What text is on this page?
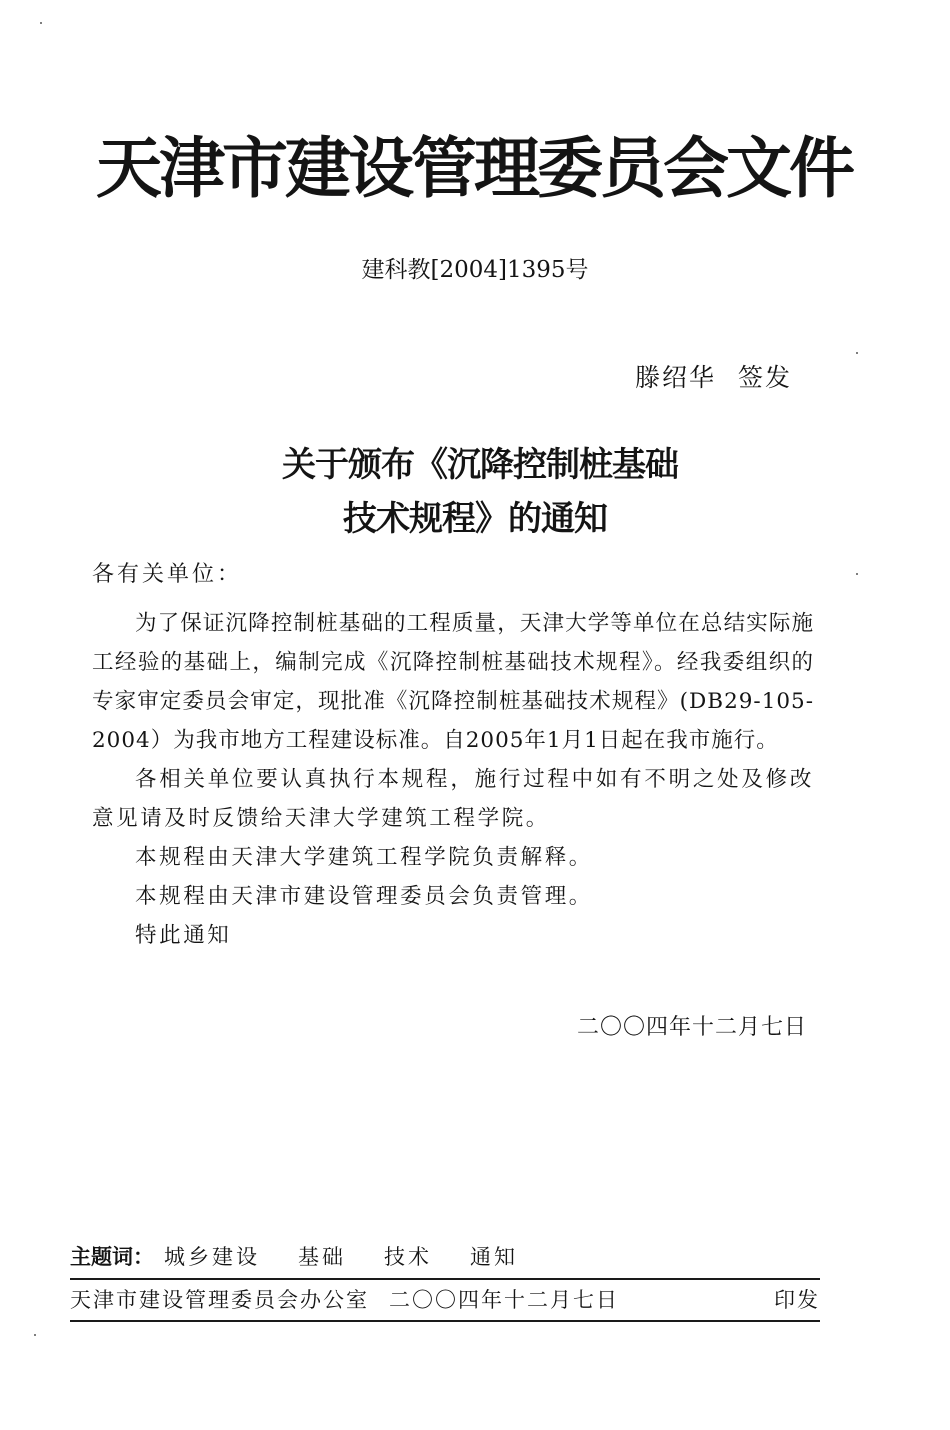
天津市建设管理委员会文件
建科教[2004]1395号
滕绍华 签发
关于颁布《沉降控制桩基础
技术规程》的通知
各有关单位：

为了保证沉降控制桩基础的工程质量，天津大学等单位在总结实际施工经验的基础上，编制完成《沉降控制桩基础技术规程》。经我委组织的专家审定委员会审定，现批准《沉降控制桩基础技术规程》(DB29-105-2004）为我市地方工程建设标准。自2005年1月1日起在我市施行。

各相关单位要认真执行本规程，施行过程中如有不明之处及修改意见请及时反馈给天津大学建筑工程学院。

本规程由天津大学建筑工程学院负责解释。

本规程由天津市建设管理委员会负责管理。

特此通知

二〇〇四年十二月七日
主题词： 城乡建设 基础 技术 通知
天津市建设管理委员会办公室 二〇〇四年十二月七日	印发
